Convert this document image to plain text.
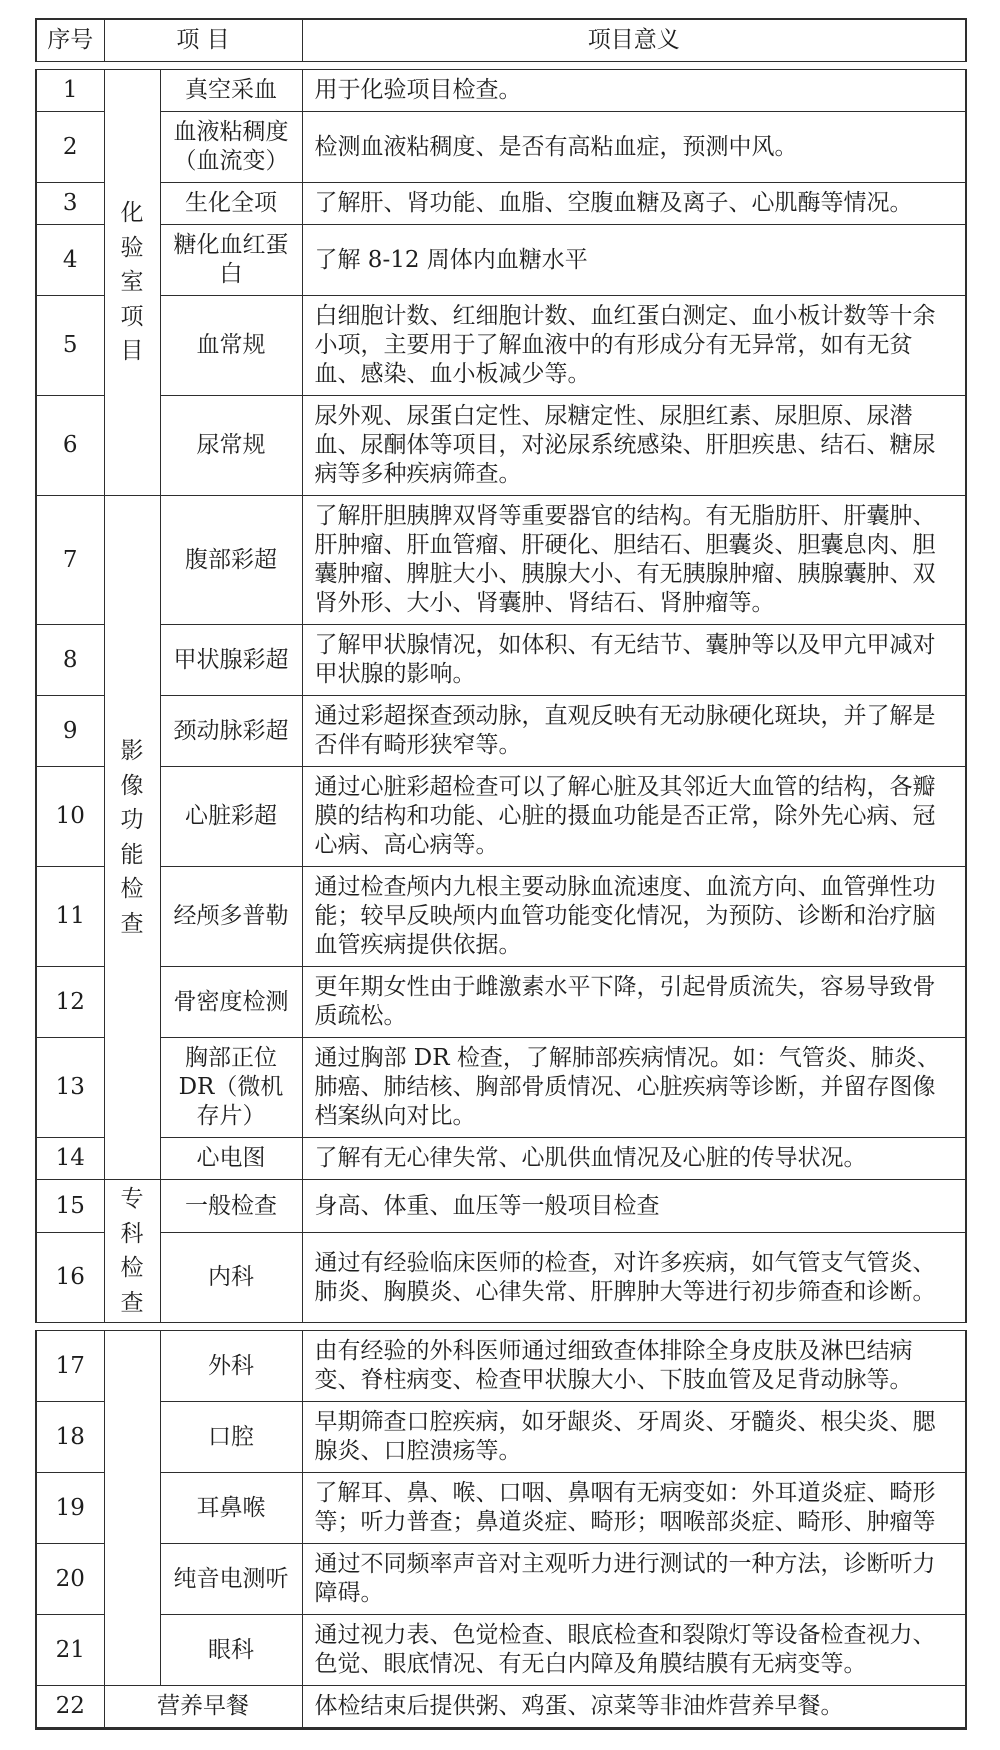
序号	项 目		项目意义

1	化验室项目	真空采血	用于化验项目检查。
2		血液粘稠度（血流变）	检测血液粘稠度、是否有高粘血症，预测中风。
3		生化全项	了解肝、肾功能、血脂、空腹血糖及离子、心肌酶等情况。
4		糖化血红蛋白	了解 8-12 周体内血糖水平
5		血常规	白细胞计数、红细胞计数、血红蛋白测定、血小板计数等十余小项，主要用于了解血液中的有形成分有无异常，如有无贫血、感染、血小板减少等。
6		尿常规	尿外观、尿蛋白定性、尿糖定性、尿胆红素、尿胆原、尿潜血、尿酮体等项目，对泌尿系统感染、肝胆疾患、结石、糖尿病等多种疾病筛查。
7	影像功能检查	腹部彩超	了解肝胆胰脾双肾等重要器官的结构。有无脂肪肝、肝囊肿、肝肿瘤、肝血管瘤、肝硬化、胆结石、胆囊炎、胆囊息肉、胆囊肿瘤、脾脏大小、胰腺大小、有无胰腺肿瘤、胰腺囊肿、双肾外形、大小、肾囊肿、肾结石、肾肿瘤等。
8		甲状腺彩超	了解甲状腺情况，如体积、有无结节、囊肿等以及甲亢甲减对甲状腺的影响。
9		颈动脉彩超	通过彩超探查颈动脉，直观反映有无动脉硬化斑块，并了解是否伴有畸形狭窄等。
10		心脏彩超	通过心脏彩超检查可以了解心脏及其邻近大血管的结构，各瓣膜的结构和功能、心脏的摄血功能是否正常，除外先心病、冠心病、高心病等。
11		经颅多普勒	通过检查颅内九根主要动脉血流速度、血流方向、血管弹性功能；较早反映颅内血管功能变化情况，为预防、诊断和治疗脑血管疾病提供依据。
12		骨密度检测	更年期女性由于雌激素水平下降，引起骨质流失，容易导致骨质疏松。
13		胸部正位 DR（微机存片）	通过胸部 DR 检查，了解肺部疾病情况。如：气管炎、肺炎、肺癌、肺结核、胸部骨质情况、心脏疾病等诊断，并留存图像档案纵向对比。
14		心电图	了解有无心律失常、心肌供血情况及心脏的传导状况。
15	专科检查	一般检查	身高、体重、血压等一般项目检查
16		内科	通过有经验临床医师的检查，对许多疾病，如气管支气管炎、肺炎、胸膜炎、心律失常、肝脾肿大等进行初步筛查和诊断。

17		外科	由有经验的外科医师通过细致查体排除全身皮肤及淋巴结病变、脊柱病变、检查甲状腺大小、下肢血管及足背动脉等。
18		口腔	早期筛查口腔疾病，如牙龈炎、牙周炎、牙髓炎、根尖炎、腮腺炎、口腔溃疡等。
19		耳鼻喉	了解耳、鼻、喉、口咽、鼻咽有无病变如：外耳道炎症、畸形等；听力普查；鼻道炎症、畸形；咽喉部炎症、畸形、肿瘤等
20		纯音电测听	通过不同频率声音对主观听力进行测试的一种方法，诊断听力障碍。
21		眼科	通过视力表、色觉检查、眼底检查和裂隙灯等设备检查视力、色觉、眼底情况、有无白内障及角膜结膜有无病变等。
22	营养早餐		体检结束后提供粥、鸡蛋、凉菜等非油炸营养早餐。
